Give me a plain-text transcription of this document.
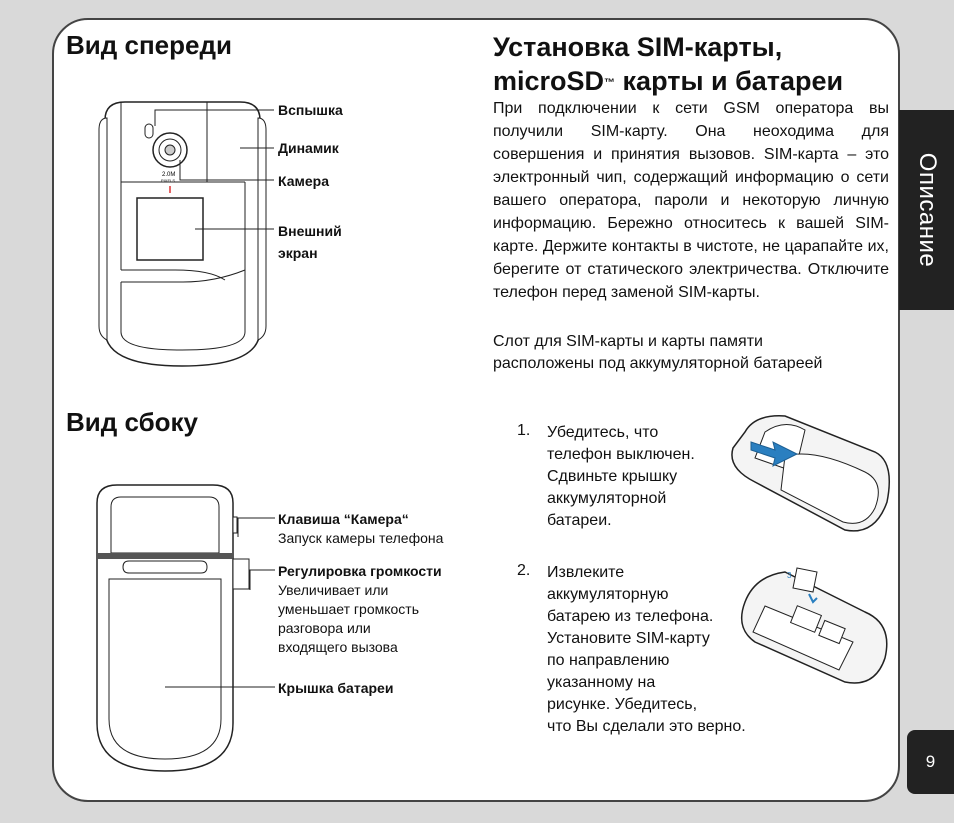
Описание
9
Вид спереди
2.0M
PIXELS
Вспышка
Динамик
Камера
Внешний
экран
Вид сбоку
Клавиша “Камера“
Запуск камеры телефона
Регулировка громкости
Увеличивает или
уменьшает громкость
разговора или
входящего вызова
Крышка батареи
Установка SIM-карты,
microSD™ карты и батареи

При подключении к сети GSM оператора вы получили SIM-карту. Она неоходима для совершения и принятия вызовов. SIM-карта – это электронный чип, содержащий информацию о сети вашего оператора, пароли и некоторую личную информацию. Бережно относитесь к вашей SIM-карте. Держите контакты в чистоте, не царапайте их, берегите от статического электричества. Отключите телефон перед заменой SIM-карты.

Слот для SIM-карты и карты памяти
расположены под аккумуляторной батареей

1. Убедитесь, что
телефон выключен.
Сдвиньте крышку
аккумуляторной
батареи.

2. Извлеките
аккумуляторную
батарею из телефона.
Установите SIM-карту
по направлению
указанному на
рисунке. Убедитесь,
что Вы сделали это верно.

3
